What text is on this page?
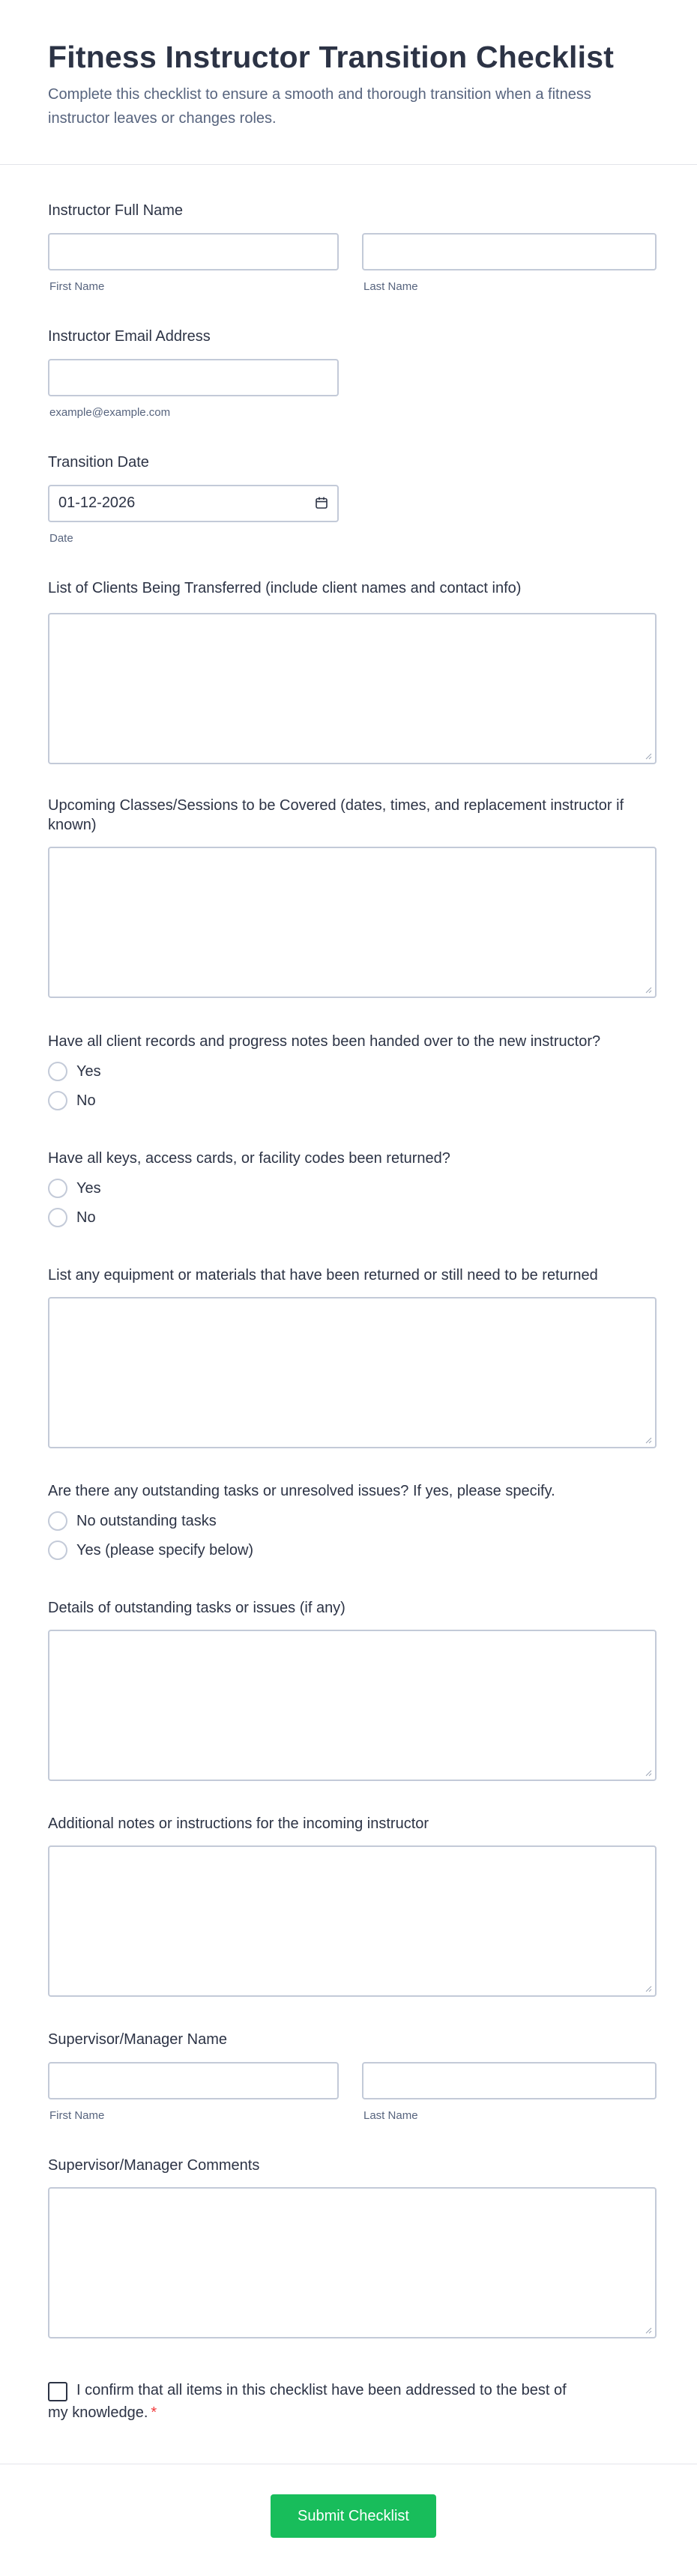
Fitness Instructor Transition Checklist

Complete this checklist to ensure a smooth and thorough transition when a fitness instructor leaves or changes roles.

Instructor Full Name
First Name	Last Name
Instructor Email Address
example@example.com
Transition Date
01-12-2026
Date
List of Clients Being Transferred (include client names and contact info)
Upcoming Classes/Sessions to be Covered (dates, times, and replacement instructor if known)
Have all client records and progress notes been handed over to the new instructor?
Yes
No
Have all keys, access cards, or facility codes been returned?
Yes
No
List any equipment or materials that have been returned or still need to be returned
Are there any outstanding tasks or unresolved issues? If yes, please specify.
No outstanding tasks
Yes (please specify below)
Details of outstanding tasks or issues (if any)
Additional notes or instructions for the incoming instructor
Supervisor/Manager Name
First Name	Last Name
Supervisor/Manager Comments
I confirm that all items in this checklist have been addressed to the best of my knowledge. *
Submit Checklist
